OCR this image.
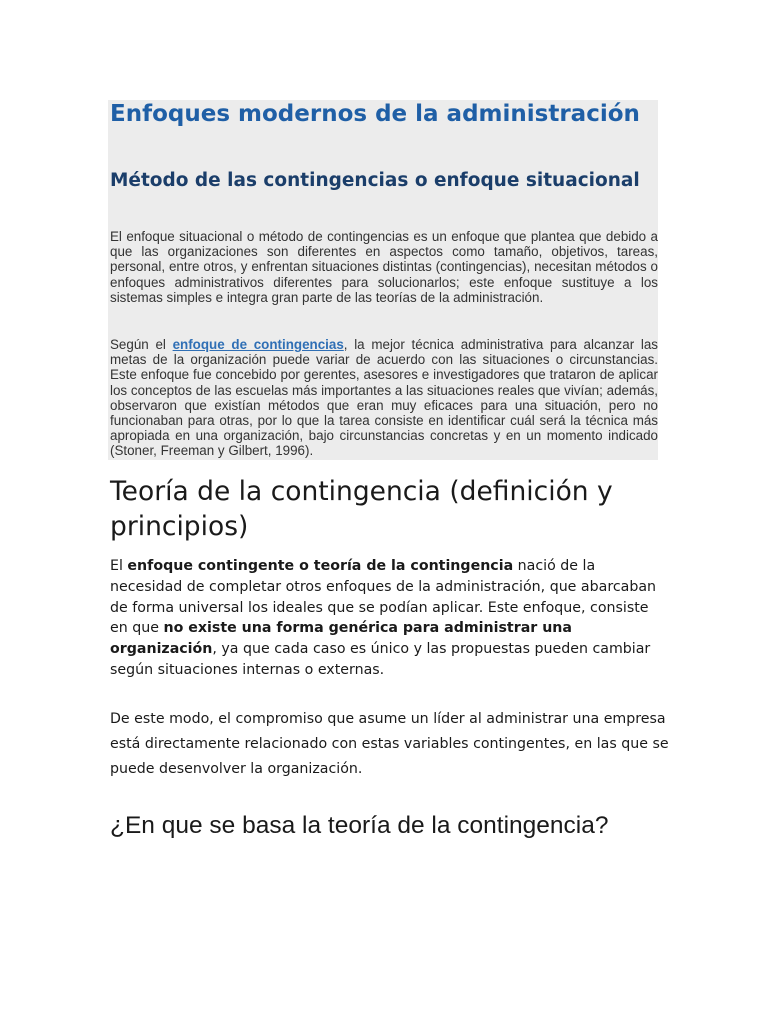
Enfoques modernos de la administración
Método de las contingencias o enfoque situacional

El enfoque situacional o método de contingencias es un enfoque que plantea que debido a que las organizaciones son diferentes en aspectos como tamaño, objetivos, tareas, personal, entre otros, y enfrentan situaciones distintas (contingencias), necesitan métodos o enfoques administrativos diferentes para solucionarlos; este enfoque sustituye a los sistemas simples e integra gran parte de las teorías de la administración.

Según el enfoque de contingencias, la mejor técnica administrativa para alcanzar las metas de la organización puede variar de acuerdo con las situaciones o circunstancias. Este enfoque fue concebido por gerentes, asesores e investigadores que trataron de aplicar los conceptos de las escuelas más importantes a las situaciones reales que vivían; además, observaron que existían métodos que eran muy eficaces para una situación, pero no funcionaban para otras, por lo que la tarea consiste en identificar cuál será la técnica más apropiada en una organización, bajo circunstancias concretas y en un momento indicado (Stoner, Freeman y Gilbert, 1996).

Teoría de la contingencia (definición y principios)

El enfoque contingente o teoría de la contingencia nació de la necesidad de completar otros enfoques de la administración, que abarcaban de forma universal los ideales que se podían aplicar. Este enfoque, consiste en que no existe una forma genérica para administrar una organización, ya que cada caso es único y las propuestas pueden cambiar según situaciones internas o externas.

De este modo, el compromiso que asume un líder al administrar una empresa está directamente relacionado con estas variables contingentes, en las que se puede desenvolver la organización.

¿En que se basa la teoría de la contingencia?
